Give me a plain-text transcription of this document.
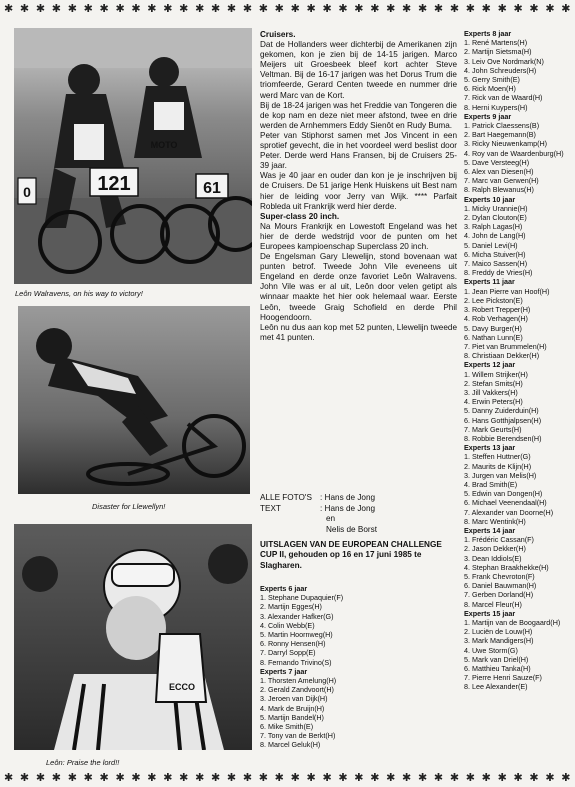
✱ ✱ ✱ ✱ ✱ ✱ ✱ ✱ ✱ ✱ ✱ ✱ ✱ ✱ ✱ ✱ ✱ ✱ ✱ ✱ ✱ ✱ ✱ ✱ ✱ ✱ ✱ ✱ ✱ ✱ ✱ ✱ ✱ ✱ ✱ ✱
✱ ✱ ✱ ✱ ✱ ✱ ✱ ✱ ✱ ✱ ✱ ✱ ✱ ✱ ✱ ✱ ✱ ✱ ✱ ✱ ✱ ✱ ✱ ✱ ✱ ✱ ✱ ✱ ✱ ✱ ✱ ✱ ✱ ✱ ✱ ✱
121	61
0
MOTO
Leôn Walravens, on his way to victory!
Disaster for Llewellyn!
ECCO
Leôn: Praise the lord!!

Cruisers.

Dat de Hollanders weer dichterbij de Amerikanen zijn gekomen, kon je zien bij de 14-15 jarigen. Marco Meijers uit Groesbeek bleef kort achter Steve Veltman. Bij de 16-17 jarigen was het Dorus Trum die triomfeerde, Gerard Centen tweede en nummer drie werd Marc van de Kort.

Bij de 18-24 jarigen was het Freddie van Tongeren die de kop nam en deze niet meer afstond, twee en drie werden de Arnhemmers Eddy Sienôt en Rudy Buma.

Peter van Stiphorst samen met Jos Vincent in een sprotief gevecht, die in het voordeel werd beslist door Peter. Derde werd Hans Fransen, bij de Cruisers 25-39 jaar.

Was je 40 jaar en ouder dan kon je je inschrijven bij de Cruisers. De 51 jarige Henk Huiskens uit Best nam hier de leiding voor Jerry van Wijk. **** Parfait Robleda uit Frankrijk werd hier derde.

Super-class 20 inch.

Na Mours Frankrijk en Lowestoft Engeland was het hier de derde wedstrijd voor de punten om het Europees kampioenschap Superclass 20 inch.

De Engelsman Gary Llewelijn, stond bovenaan wat punten betrof. Tweede John Vile eveneens uit Engeland en derde onze favoriet Leôn Walravens. John Vile was er al uit, Leôn door velen getipt als winnaar maakte het hier ook helemaal waar. Eerste Leôn, tweede Graig Schofield en derde Phil Hoogendoorn.

Leôn nu dus aan kop met 52 punten, Llewelijn tweede met 41 punten.

ALLE FOTO'S : Hans de Jong
TEXT	: Hans de Jong
en
Nelis de Borst
UITSLAGEN VAN DE EUROPEAN CHALLENGE CUP II, gehouden op 16 en 17 juni 1985 te Slagharen.
Experts 6 jaar
1. Stephane Dupaquier(F)
2. Martijn Egges(H)
3. Alexander Hafker(G)
4. Colin Webb(E)
5. Martin Hoornweg(H)
6. Ronny Hensen(H)
7. Darryl Sopp(E)
8. Fernando Trivino(S)
Experts 7 jaar
1. Thorsten Amelung(H)
2. Gerald Zandvoort(H)
3. Jeroen van Dijk(H)
4. Mark de Bruijn(H)
5. Martijn Bandel(H)
6. Mike Smith(E)
7. Tony van de Berkt(H)
8. Marcel Geluk(H)
Experts 8 jaar
1. René Martens(H)
2. Martijn Sietsma(H)
3. Leiv Ove Nordmark(N)
4. John Schreuders(H)
5. Gerry Smith(E)
6. Rick Moen(H)
7. Rick van de Waard(H)
8. Herni Kuypers(H)
Experts 9 jaar
1. Patrick Claessens(B)
2. Bart Haegemann(B)
3. Ricky Nieuwenkamp(H)
4. Roy van de Waardenburg(H)
5. Dave Versteeg(H)
6. Alex van Diesen(H)
7. Marc van Gerwen(H)
8. Ralph Blewanus(H)
Experts 10 jaar
1. Micky Urannie(H)
2. Dylan Clouton(E)
3. Ralph Lagas(H)
4. John de Lang(H)
5. Daniel Levi(H)
6. Micha Stuiver(H)
7. Maico Sassen(H)
8. Freddy de Vries(H)
Experts 11 jaar
1. Jean Pierre van Hoof(H)
2. Lee Pickston(E)
3. Robert Trepper(H)
4. Rob Verhagen(H)
5. Davy Burger(H)
6. Nathan Lunn(E)
7. Piet van Brummelen(H)
8. Christiaan Dekker(H)
Experts 12 jaar
1. Willem Strijker(H)
2. Stefan Smits(H)
3. Jill Vakkers(H)
4. Erwin Peters(H)
5. Danny Zuiderduin(H)
6. Hans Gotthjalpsen(H)
7. Mark Geurts(H)
8. Robbie Berendsen(H)
Experts 13 jaar
1. Steffen Huttner(G)
2. Maurits de Klijn(H)
3. Jurgen van Melis(H)
4. Brad Smith(E)
5. Edwin van Dongen(H)
6. Michael Veenendaal(H)
7. Alexander van Doorne(H)
8. Marc Wentink(H)
Experts 14 jaar
1. Frédéric Cassan(F)
2. Jason Dekker(H)
3. Dean Iddiols(E)
4. Stephan Braakhekke(H)
5. Frank Chevroton(F)
6. Daniel Bauwman(H)
7. Gerben Dorland(H)
8. Marcel Fleur(H)
Experts 15 jaar
1. Martijn van de Boogaard(H)
2. Luciën de Louw(H)
3. Mark Mandigers(H)
4. Uwe Storm(G)
5. Mark van Driel(H)
6. Matthieu Tanka(H)
7. Pierre Henri Sauze(F)
8. Lee Alexander(E)
